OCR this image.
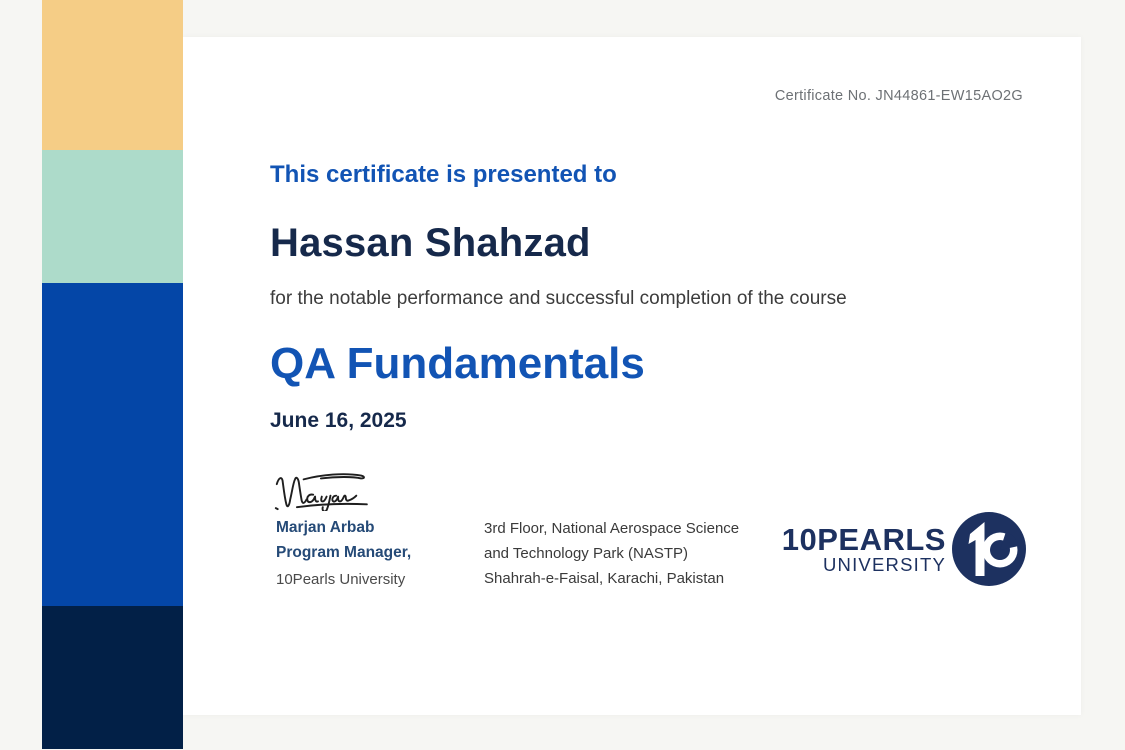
Certificate No. JN44861-EW15AO2G
This certificate is presented to
Hassan Shahzad
for the notable performance and successful completion of the course
QA Fundamentals
June 16, 2025
Marjan Arbab
Program Manager,
10Pearls University
3rd Floor, National Aerospace Science
and Technology Park (NASTP)
Shahrah-e-Faisal, Karachi, Pakistan
10PEARLS
UNIVERSITY
